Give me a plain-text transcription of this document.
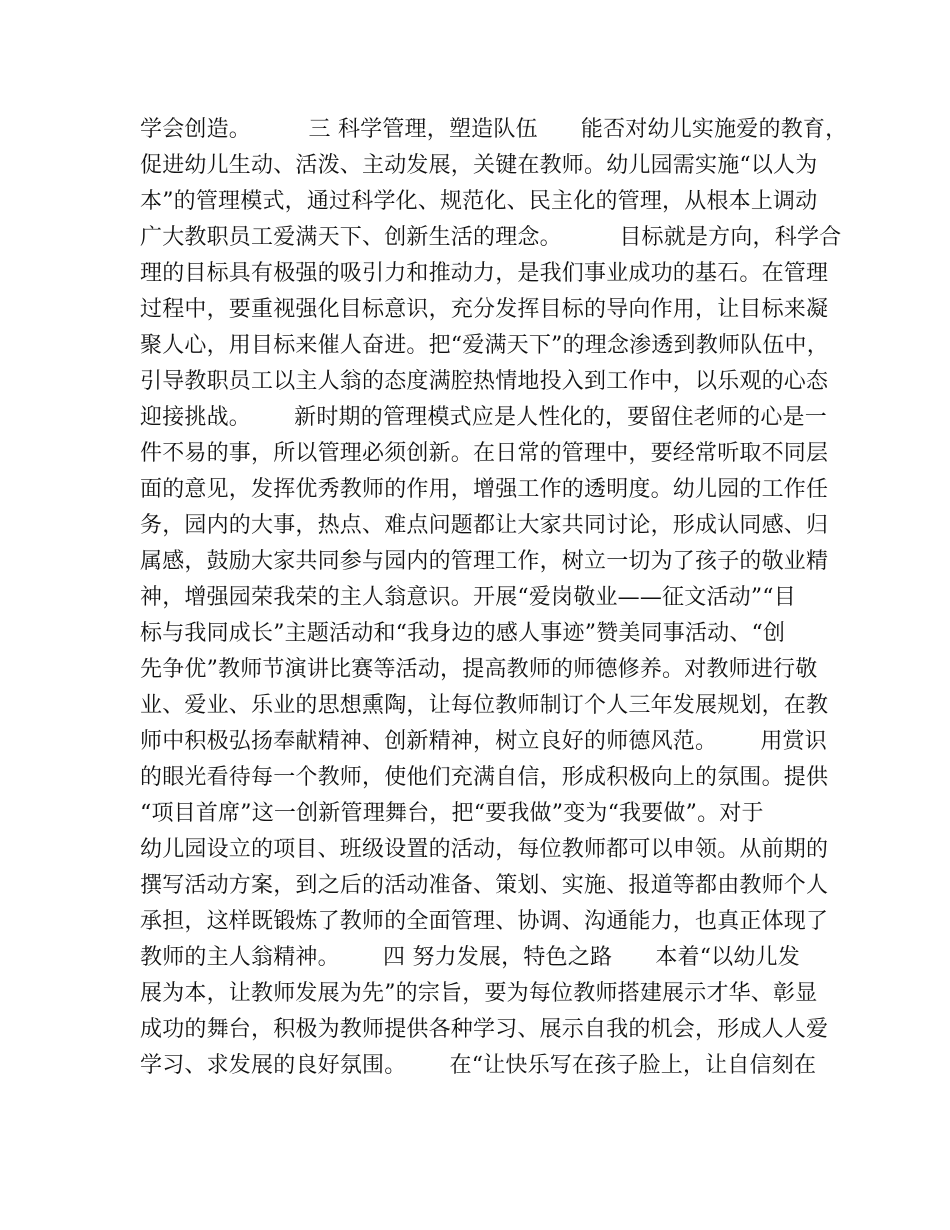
学会创造。        三 科学管理，塑造队伍      能否对幼儿实施爱的教育，
促进幼儿生动、活泼、主动发展，关键在教师。幼儿园需实施“以人为
本”的管理模式，通过科学化、规范化、民主化的管理，从根本上调动
广大教职员工爱满天下、创新生活的理念。        目标就是方向，科学合
理的目标具有极强的吸引力和推动力，是我们事业成功的基石。在管理
过程中，要重视强化目标意识，充分发挥目标的导向作用，让目标来凝
聚人心，用目标来催人奋进。把“爱满天下”的理念渗透到教师队伍中，
引导教职员工以主人翁的态度满腔热情地投入到工作中，以乐观的心态
迎接挑战。      新时期的管理模式应是人性化的，要留住老师的心是一
件不易的事，所以管理必须创新。在日常的管理中，要经常听取不同层
面的意见，发挥优秀教师的作用，增强工作的透明度。幼儿园的工作任
务，园内的大事，热点、难点问题都让大家共同讨论，形成认同感、归
属感，鼓励大家共同参与园内的管理工作，树立一切为了孩子的敬业精
神，增强园荣我荣的主人翁意识。开展“爱岗敬业——征文活动”“目
标与我同成长”主题活动和“我身边的感人事迹”赞美同事活动、“创
先争优”教师节演讲比赛等活动，提高教师的师德修养。对教师进行敬
业、爱业、乐业的思想熏陶，让每位教师制订个人三年发展规划，在教
师中积极弘扬奉献精神、创新精神，树立良好的师德风范。      用赏识
的眼光看待每一个教师，使他们充满自信，形成积极向上的氛围。提供
“项目首席”这一创新管理舞台，把“要我做”变为“我要做”。对于
幼儿园设立的项目、班级设置的活动，每位教师都可以申领。从前期的
撰写活动方案，到之后的活动准备、策划、实施、报道等都由教师个人
承担，这样既锻炼了教师的全面管理、协调、沟通能力，也真正体现了
教师的主人翁精神。      四 努力发展，特色之路      本着“以幼儿发
展为本，让教师发展为先”的宗旨，要为每位教师搭建展示才华、彰显
成功的舞台，积极为教师提供各种学习、展示自我的机会，形成人人爱
学习、求发展的良好氛围。      在“让快乐写在孩子脸上，让自信刻在
